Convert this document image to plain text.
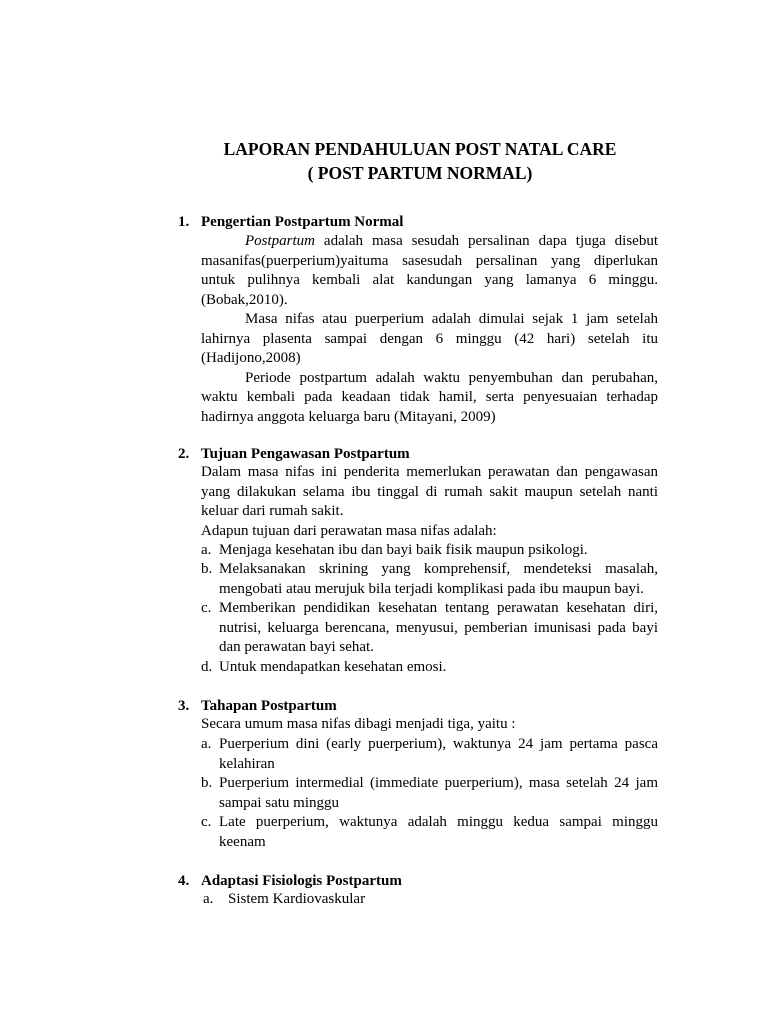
LAPORAN PENDAHULUAN POST NATAL CARE
( POST PARTUM NORMAL)
1. Pengertian Postpartum Normal
Postpartum adalah masa sesudah persalinan dapa tjuga disebut
masanifas(puerperium)yaituma sasesudah persalinan yang diperlukan
untuk pulihnya kembali alat kandungan yang lamanya 6 minggu.
(Bobak,2010).
Masa nifas atau puerperium adalah dimulai sejak 1 jam setelah
lahirnya plasenta sampai dengan 6 minggu (42 hari) setelah itu
(Hadijono,2008)
Periode postpartum adalah waktu penyembuhan dan perubahan,
waktu kembali pada keadaan tidak hamil, serta penyesuaian terhadap
hadirnya anggota keluarga baru (Mitayani, 2009)
2. Tujuan Pengawasan Postpartum
Dalam masa nifas ini penderita memerlukan perawatan dan pengawasan
yang dilakukan selama ibu tinggal di rumah sakit maupun setelah nanti
keluar dari rumah sakit.
Adapun tujuan dari perawatan masa nifas adalah:
a. Menjaga kesehatan ibu dan bayi baik fisik maupun psikologi.
b. Melaksanakan skrining yang komprehensif, mendeteksi masalah,
mengobati atau merujuk bila terjadi komplikasi pada ibu maupun bayi.
c. Memberikan pendidikan kesehatan tentang perawatan kesehatan diri,
nutrisi, keluarga berencana, menyusui, pemberian imunisasi pada bayi
dan perawatan bayi sehat.
d. Untuk mendapatkan kesehatan emosi.
3. Tahapan Postpartum
Secara umum masa nifas dibagi menjadi tiga, yaitu :
a. Puerperium dini (early puerperium), waktunya 24 jam pertama pasca
kelahiran
b. Puerperium intermedial (immediate puerperium), masa setelah 24 jam
sampai satu minggu
c. Late puerperium, waktunya adalah minggu kedua sampai minggu
keenam
4. Adaptasi Fisiologis Postpartum
a. Sistem Kardiovaskular
